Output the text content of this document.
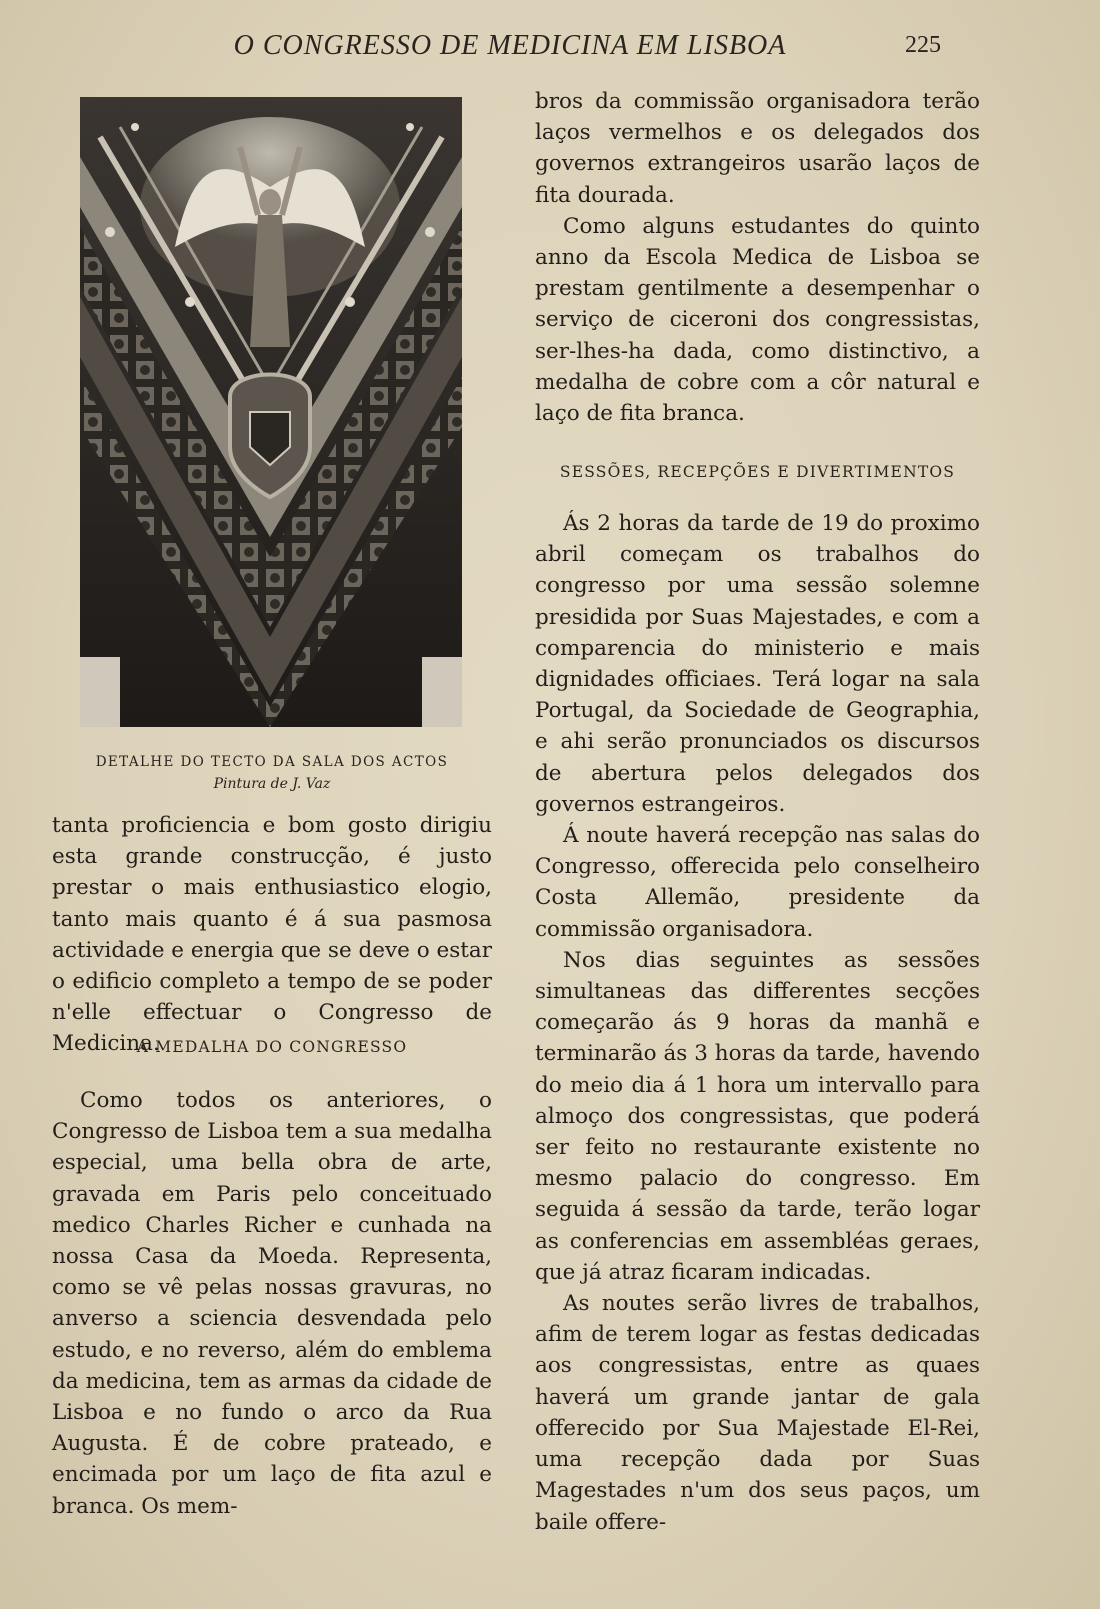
O CONGRESSO DE MEDICINA EM LISBOA	225
DETALHE DO TECTO DA SALA DOS ACTOS
Pintura de J. Vaz

tanta proficiencia e bom gosto dirigiu esta grande construcção, é justo prestar o mais enthusiastico elogio, tanto mais quanto é á sua pasmosa actividade e energia que se deve o estar o edificio completo a tempo de se poder n'elle effectuar o Congresso de Medicina.

A MEDALHA DO CONGRESSO

Como todos os anteriores, o Congresso de Lisboa tem a sua medalha especial, uma bella obra de arte, gravada em Paris pelo conceituado medico Charles Richer e cunhada na nossa Casa da Moeda. Representa, como se vê pelas nossas gravuras, no anverso a sciencia desvendada pelo estudo, e no reverso, além do emblema da medicina, tem as armas da cidade de Lisboa e no fundo o arco da Rua Augusta. É de cobre prateado, e encimada por um laço de fita azul e branca. Os mem-

bros da commissão organisadora terão laços vermelhos e os delegados dos governos extrangeiros usarão laços de fita dourada.

Como alguns estudantes do quinto anno da Escola Medica de Lisboa se prestam gentilmente a desempenhar o serviço de ciceroni dos congressistas, ser-lhes-ha dada, como distinctivo, a medalha de cobre com a côr natural e laço de fita branca.

SESSÕES, RECEPÇÕES E DIVERTIMENTOS

Ás 2 horas da tarde de 19 do proximo abril começam os trabalhos do congresso por uma sessão solemne presidida por Suas Majestades, e com a comparencia do ministerio e mais dignidades officiaes. Terá logar na sala Portugal, da Sociedade de Geographia, e ahi serão pronunciados os discursos de abertura pelos delegados dos governos estrangeiros.

Á noute haverá recepção nas salas do Congresso, offerecida pelo conselheiro Costa Allemão, presidente da commissão organisadora.

Nos dias seguintes as sessões simultaneas das differentes secções começarão ás 9 horas da manhã e terminarão ás 3 horas da tarde, havendo do meio dia á 1 hora um intervallo para almoço dos congressistas, que poderá ser feito no restaurante existente no mesmo palacio do congresso. Em seguida á sessão da tarde, terão logar as conferencias em assembléas geraes, que já atraz ficaram indicadas.

As noutes serão livres de trabalhos, afim de terem logar as festas dedicadas aos congressistas, entre as quaes haverá um grande jantar de gala offerecido por Sua Majestade El-Rei, uma recepção dada por Suas Magestades n'um dos seus paços, um baile offere-
